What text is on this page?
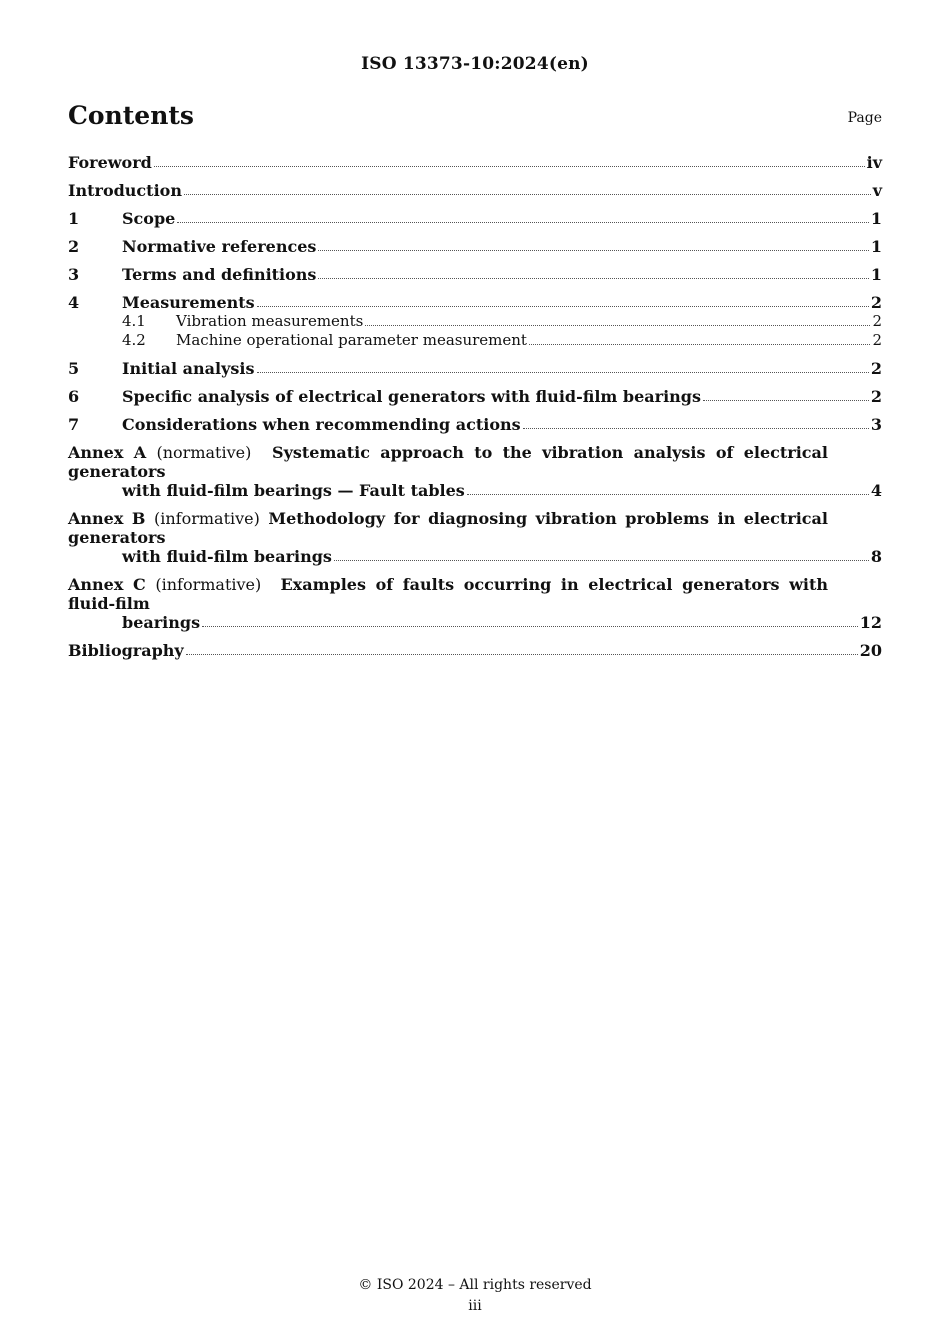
ISO 13373-10:2024(en)
Contents	Page
Foreword	iv
Introduction	v
1	Scope	1
2	Normative references	1
3	Terms and definitions	1
4	Measurements	2
4.1	Vibration measurements	2
4.2	Machine operational parameter measurement	2
5	Initial analysis	2
6	Specific analysis of electrical generators with fluid-film bearings	2
7	Considerations when recommending actions	3
Annex A (normative) Systematic approach to the vibration analysis of electrical generators
with fluid-film bearings — Fault tables	4
Annex B (informative) Methodology for diagnosing vibration problems in electrical generators
with fluid-film bearings	8
Annex C (informative) Examples of faults occurring in electrical generators with fluid-film
bearings	12
Bibliography	20
© ISO 2024 – All rights reserved
iii
